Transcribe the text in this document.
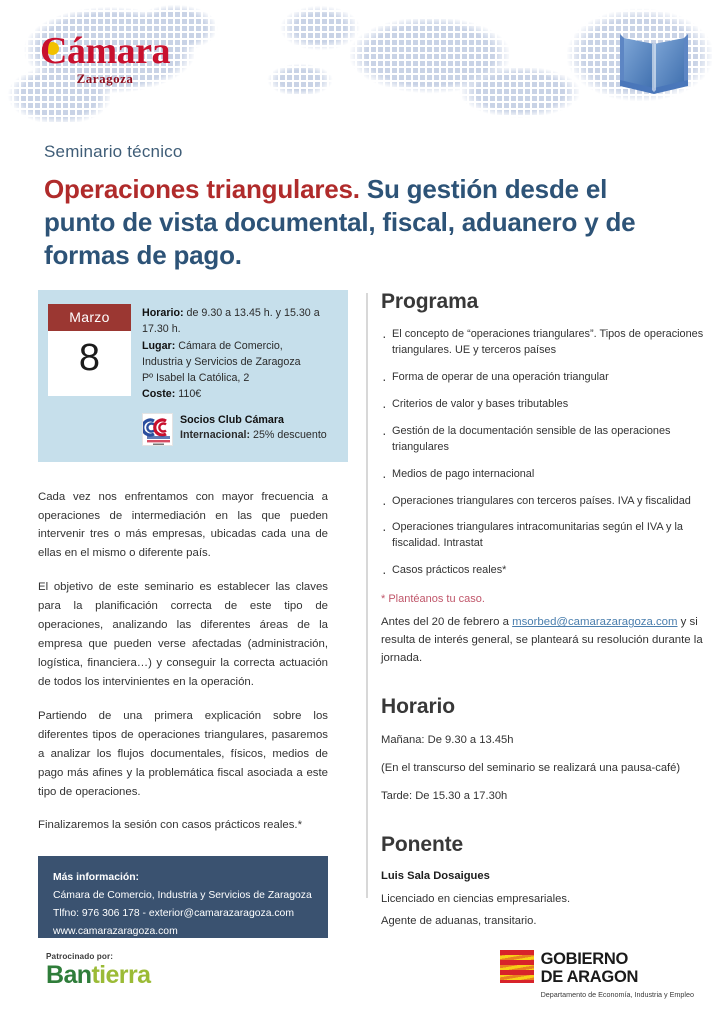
Cámara
Zaragoza
Seminario técnico
Operaciones triangulares. Su gestión desde el punto de vista documental, fiscal, aduanero y de formas de pago.
Marzo
8
Horario: de 9.30 a 13.45 h. y 15.30 a 17.30 h.
Lugar: Cámara de Comercio,
Industria y Servicios de Zaragoza
Pº Isabel la Católica, 2
Coste: 110€
Socios Club Cámara
Internacional: 25% descuento

Cada vez nos enfrentamos con mayor frecuencia a operaciones de intermediación en las que pueden intervenir tres o más empresas, ubicadas cada una de ellas en el mismo o diferente país.

El objetivo de este seminario es establecer las claves para la planificación correcta de este tipo de operaciones, analizando las diferentes áreas de la empresa que pueden verse afectadas (administración, logística, financiera…) y conseguir la correcta actuación de todos los intervinientes en la operación.

Partiendo de una primera explicación sobre los diferentes tipos de operaciones triangulares, pasaremos a analizar los flujos documentales, físicos, medios de pago más afines y la problemática fiscal asociada a este tipo de operaciones.

Finalizaremos la sesión con casos prácticos reales.*

Más información:
Cámara de Comercio, Industria y Servicios de Zaragoza
Tlfno: 976 306 178 - exterior@camarazaragoza.com
www.camarazaragoza.com
Programa
· El concepto de “operaciones triangulares”. Tipos de operaciones triangulares. UE y terceros países
· Forma de operar de una operación triangular
· Criterios de valor y bases tributables
· Gestión de la documentación sensible de las operaciones triangulares
· Medios de pago internacional
· Operaciones triangulares con terceros países. IVA y fiscalidad
· Operaciones triangulares intracomunitarias según el IVA y la fiscalidad. Intrastat
· Casos prácticos reales*
* Plantéanos tu caso.
Antes del 20 de febrero a msorbed@camarazaragoza.com y si resulta de interés general, se planteará su resolución durante la jornada.
Horario
Mañana: De 9.30 a 13.45h
(En el transcurso del seminario se realizará una pausa-café)
Tarde: De 15.30 a 17.30h
Ponente
Luis Sala Dosaigues
Licenciado en ciencias empresariales.
Agente de aduanas, transitario.
Patrocinado por:
Bantierra
GOBIERNO
DE ARAGON
Departamento de Economía, Industria y Empleo
